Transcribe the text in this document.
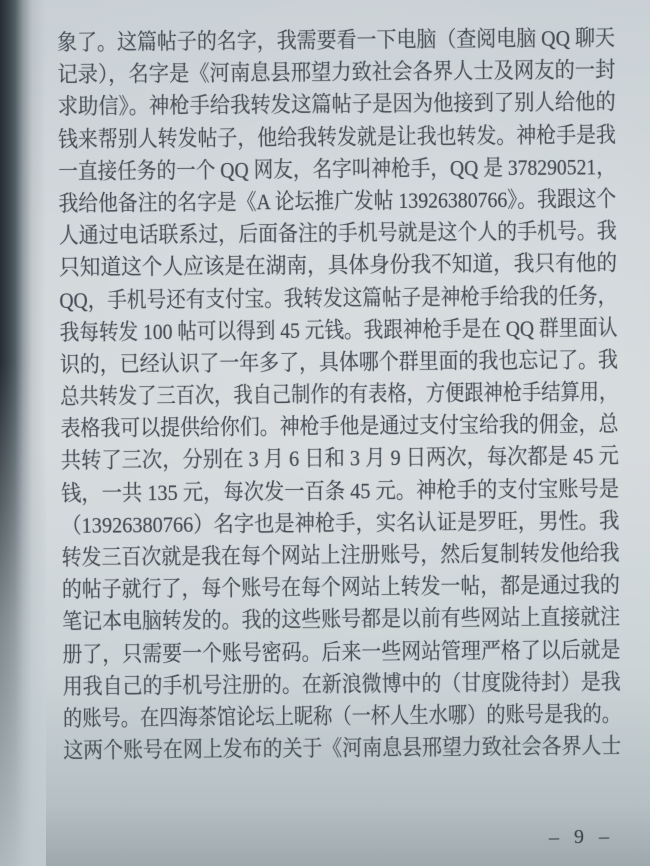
象了。这篇帖子的名字，我需要看一下电脑（查阅电脑 QQ 聊天

记录），名字是《河南息县邢望力致社会各界人士及网友的一封

求助信》。神枪手给我转发这篇帖子是因为他接到了别人给他的

钱来帮别人转发帖子，他给我转发就是让我也转发。神枪手是我

一直接任务的一个 QQ 网友，名字叫神枪手，QQ 是 378290521，

我给他备注的名字是《A 论坛推广发帖 13926380766》。我跟这个

人通过电话联系过，后面备注的手机号就是这个人的手机号。我

只知道这个人应该是在湖南，具体身份我不知道，我只有他的

QQ，手机号还有支付宝。我转发这篇帖子是神枪手给我的任务，

我每转发 100 帖可以得到 45 元钱。我跟神枪手是在 QQ 群里面认

识的，已经认识了一年多了，具体哪个群里面的我也忘记了。我

总共转发了三百次，我自己制作的有表格，方便跟神枪手结算用，

表格我可以提供给你们。神枪手他是通过支付宝给我的佣金，总

共转了三次，分别在 3 月 6 日和 3 月 9 日两次，每次都是 45 元

钱，一共 135 元，每次发一百条 45 元。神枪手的支付宝账号是

（13926380766）名字也是神枪手，实名认证是罗旺，男性。我

转发三百次就是我在每个网站上注册账号，然后复制转发他给我

的帖子就行了，每个账号在每个网站上转发一帖，都是通过我的

笔记本电脑转发的。我的这些账号都是以前有些网站上直接就注

册了，只需要一个账号密码。后来一些网站管理严格了以后就是

用我自己的手机号注册的。在新浪微博中的（甘度陇待封）是我

的账号。在四海茶馆论坛上昵称（一杯人生水哪）的账号是我的。

这两个账号在网上发布的关于《河南息县邢望力致社会各界人士

– 9 –
